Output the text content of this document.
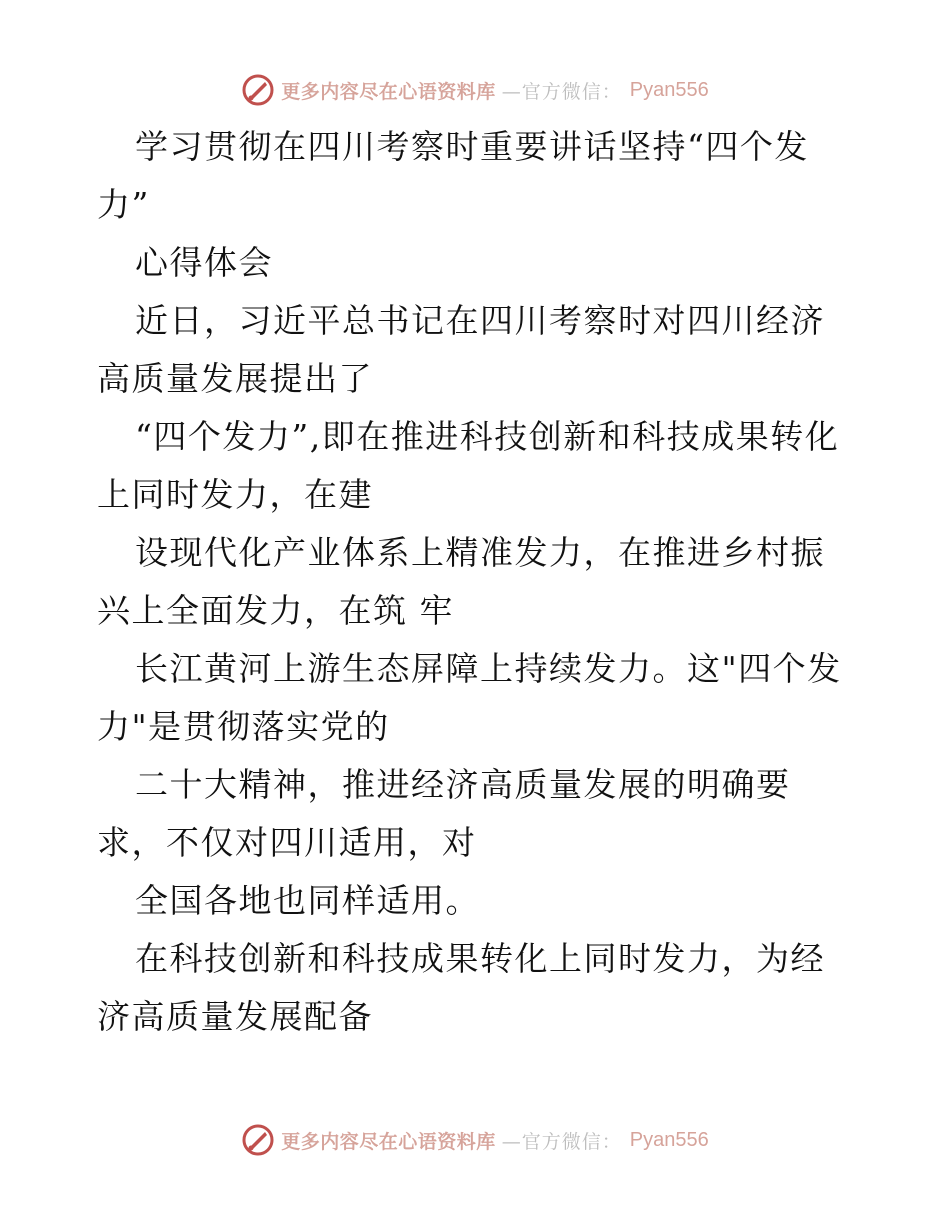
更多内容尽在心语资料库 —官方微信： Pyan556

学习贯彻在四川考察时重要讲话坚持“四个发力”

心得体会

近日，习近平总书记在四川考察时对四川经济高质量发展提出了

“四个发力”,即在推进科技创新和科技成果转化上同时发力，在建

设现代化产业体系上精准发力，在推进乡村振兴上全面发力，在筑 牢

长江黄河上游生态屏障上持续发力。这"四个发力"是贯彻落实党的

二十大精神，推进经济高质量发展的明确要求，不仅对四川适用，对

全国各地也同样适用。

在科技创新和科技成果转化上同时发力，为经济高质量发展配备

更多内容尽在心语资料库 —官方微信： Pyan556
